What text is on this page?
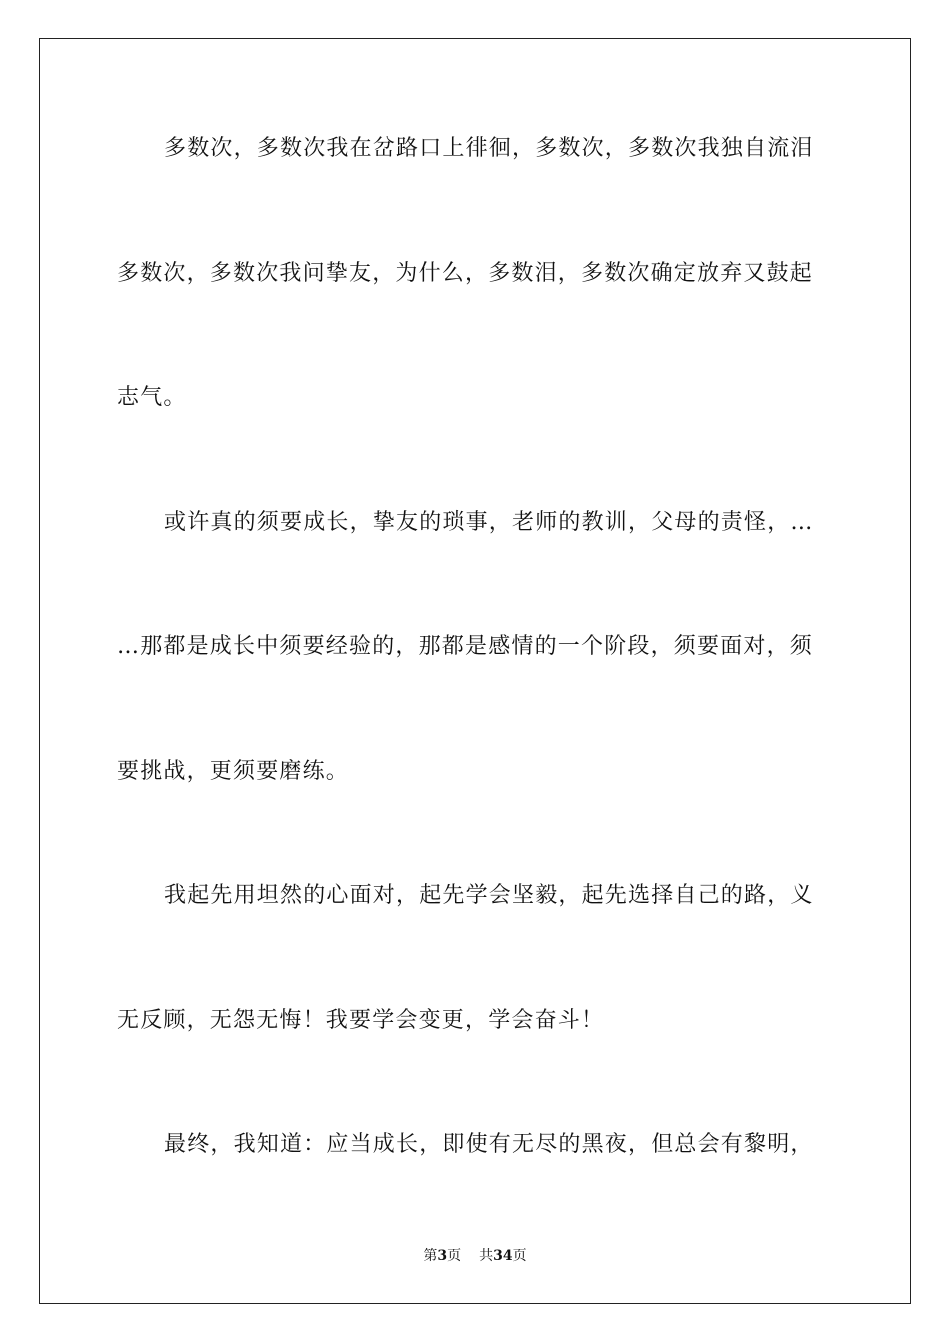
多数次，多数次我在岔路口上徘徊，多数次，多数次我独自流泪
多数次，多数次我问挚友，为什么，多数泪，多数次确定放弃又鼓起
志气。
或许真的须要成长，挚友的琐事，老师的教训，父母的责怪，…
…那都是成长中须要经验的，那都是感情的一个阶段，须要面对，须
要挑战，更须要磨练。
我起先用坦然的心面对，起先学会坚毅，起先选择自己的路，义
无反顾，无怨无悔！我要学会变更，学会奋斗！
最终，我知道：应当成长，即使有无尽的黑夜，但总会有黎明，
第3页 共34页
